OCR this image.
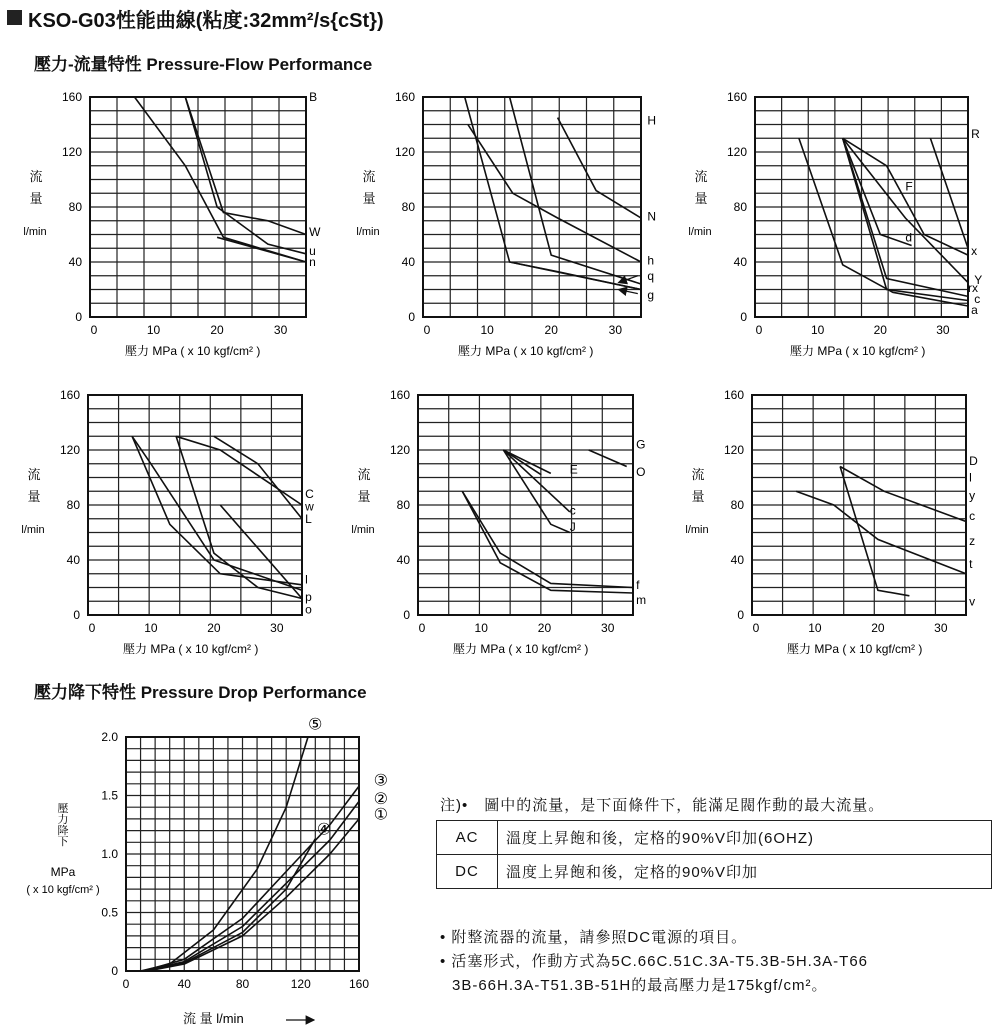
KSO-G03性能曲線(粘度:32mm²/s{cSt})
壓力-流量特性 Pressure-Flow Performance
壓力降下特性 Pressure Drop Performance
0
40
80
120
160
0	10	20	30
流
量
l/min
壓力 MPa ( x 10 kgf/cm² )
B
W
u
n
0
40
80
120
160
0	10	20	30
流
量
l/min
壓力 MPa ( x 10 kgf/cm² )
H
N
h
q
g
0
40
80
120
160
0	10	20	30
流
量
l/min
壓力 MPa ( x 10 kgf/cm² )
R
F
d
x
Y
rx
c
a
0
40
80
120
160
0	10	20	30
流
量
l/min
壓力 MPa ( x 10 kgf/cm² )
C
w
L
l
p
o	0
40
80
120
160
0	10	20	30
流
量
l/min
壓力 MPa ( x 10 kgf/cm² )
G
E	O
c
J
f
m
0
40
80
120
160
0	10	20	30
流
量
l/min
壓力 MPa ( x 10 kgf/cm² )
D
l
y
c
z
t
v
0
0.5
1.0
1.5
2.0
0	40	80	120	160
壓
力
降
下
MPa
( x 10 kgf/cm² )
流 量 l/min
⑤
③
②
①
④
注)•　圖中的流量，是下面條件下，能滿足閥作動的最大流量。
AC	溫度上昇飽和後，定格的90%V印加(6OHZ)
DC	溫度上昇飽和後，定格的90%V印加
• 附整流器的流量，請參照DC電源的項目。
• 活塞形式，作動方式為5C.66C.51C.3A-T5.3B-5H.3A-T66
3B-66H.3A-T51.3B-51H的最高壓力是175kgf/cm²。
